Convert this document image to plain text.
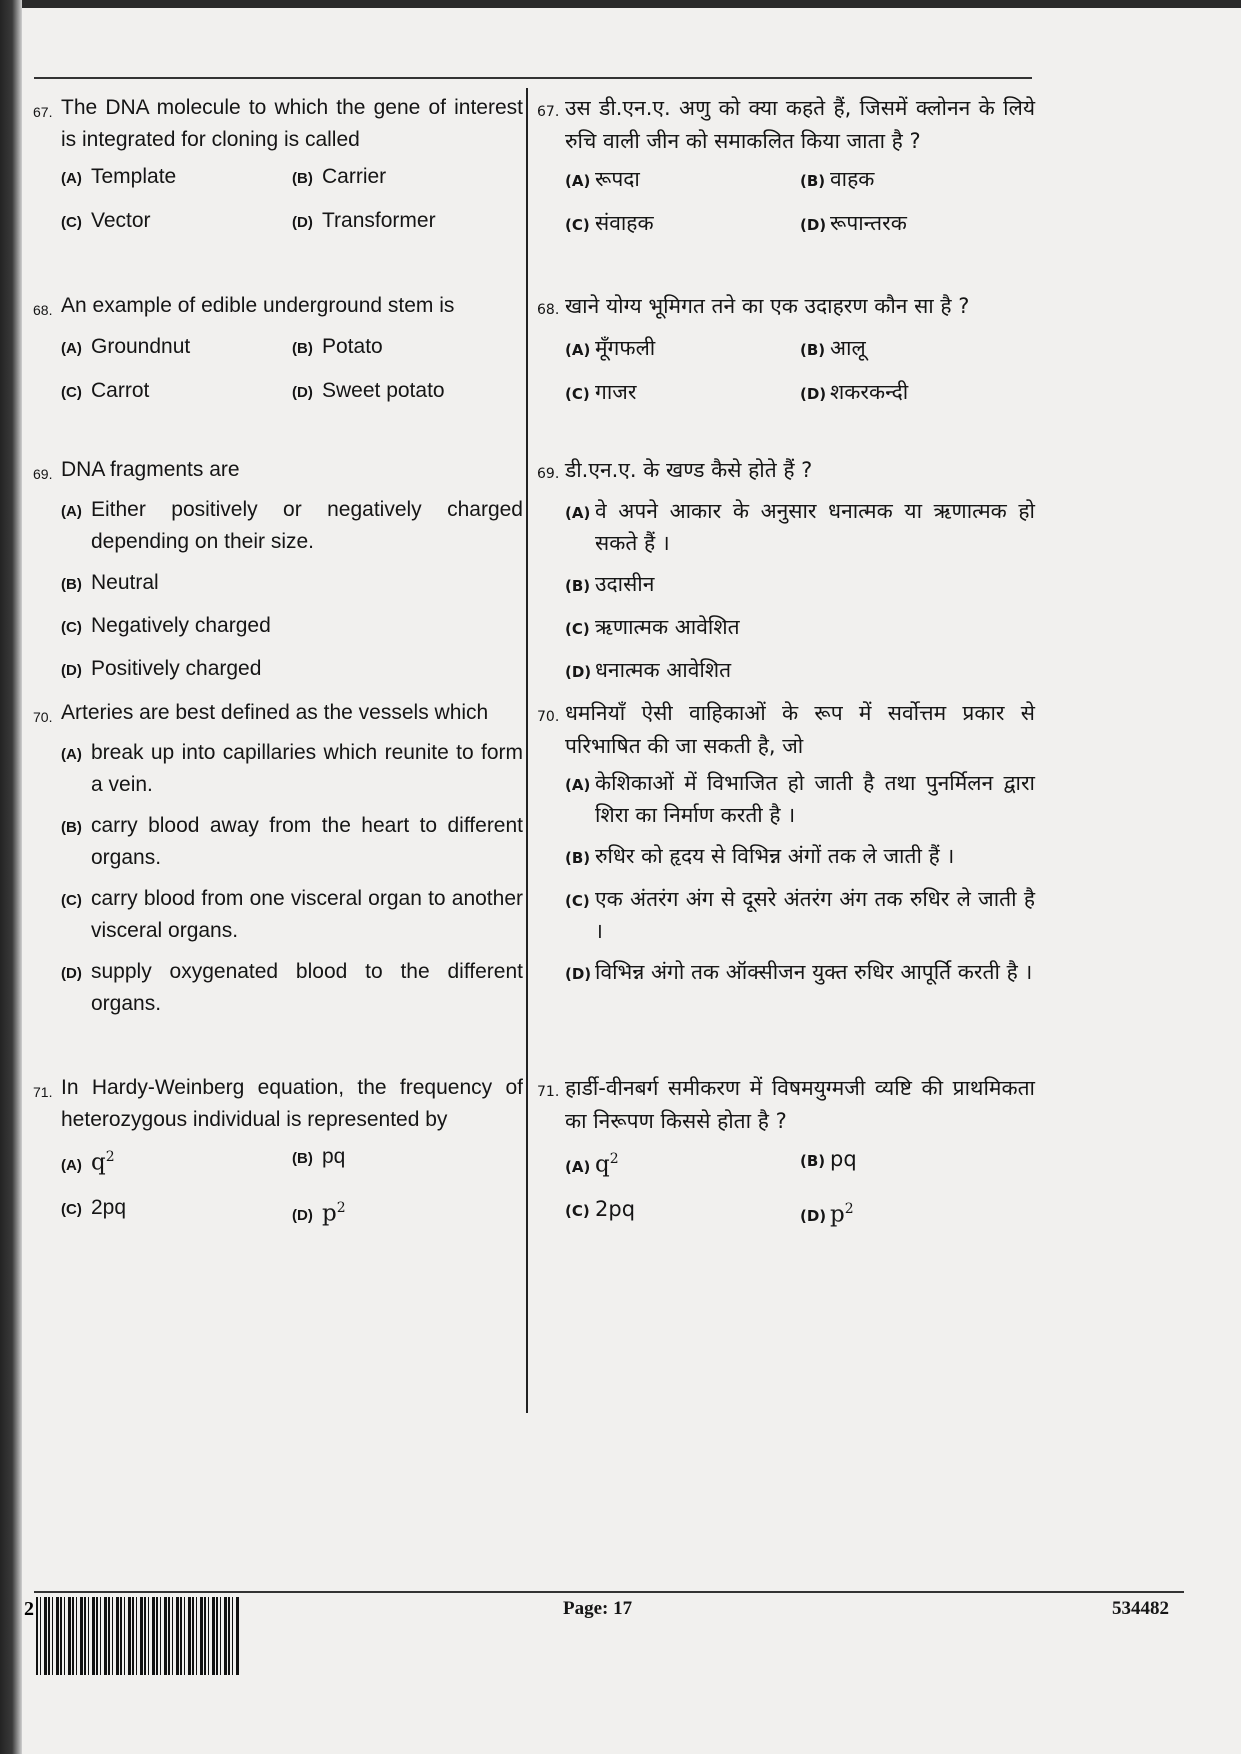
67. The DNA molecule to which the gene of interest is integrated for cloning is called
(A) Template	(B) Carrier
(C) Vector	(D) Transformer
68. An example of edible underground stem is
(A) Groundnut	(B) Potato
(C) Carrot	(D) Sweet potato
69. DNA fragments are
(A) Either positively or negatively charged depending on their size.
(B) Neutral
(C) Negatively charged
(D) Positively charged
70. Arteries are best defined as the vessels which
(A) break up into capillaries which reunite to form a vein.
(B) carry blood away from the heart to different organs.
(C) carry blood from one visceral organ to another visceral organs.
(D) supply oxygenated blood to the different organs.
71. In Hardy-Weinberg equation, the frequency of heterozygous individual is represented by
(A) $q^2$	(B) pq
(C) 2pq	(D) $p^2$
67. उस डी.एन.ए. अणु को क्या कहते हैं, जिसमें क्लोनन के लिये रुचि वाली जीन को समाकलित किया जाता है ?
(A) रूपदा	(B) वाहक
(C) संवाहक	(D) रूपान्तरक
68. खाने योग्य भूमिगत तने का एक उदाहरण कौन सा है ?
(A) मूँगफली	(B) आलू
(C) गाजर	(D) शकरकन्दी
69. डी.एन.ए. के खण्ड कैसे होते हैं ?
(A) वे अपने आकार के अनुसार धनात्मक या ऋणात्मक हो सकते हैं ।
(B) उदासीन
(C) ऋणात्मक आवेशित
(D) धनात्मक आवेशित
70. धमनियाँ ऐसी वाहिकाओं के रूप में सर्वोत्तम प्रकार से परिभाषित की जा सकती है, जो
(A) केशिकाओं में विभाजित हो जाती है तथा पुनर्मिलन द्वारा शिरा का निर्माण करती है ।
(B) रुधिर को हृदय से विभिन्न अंगों तक ले जाती हैं ।
(C) एक अंतरंग अंग से दूसरे अंतरंग अंग तक रुधिर ले जाती है ।
(D) विभिन्न अंगो तक ऑक्सीजन युक्त रुधिर आपूर्ति करती है ।
71. हार्डी-वीनबर्ग समीकरण में विषमयुग्मजी व्यष्टि की प्राथमिकता का निरूपण किससे होता है ?
(A) $q^2$	(B) pq
(C) 2pq	(D) $p^2$
2	Page: 17	534482
